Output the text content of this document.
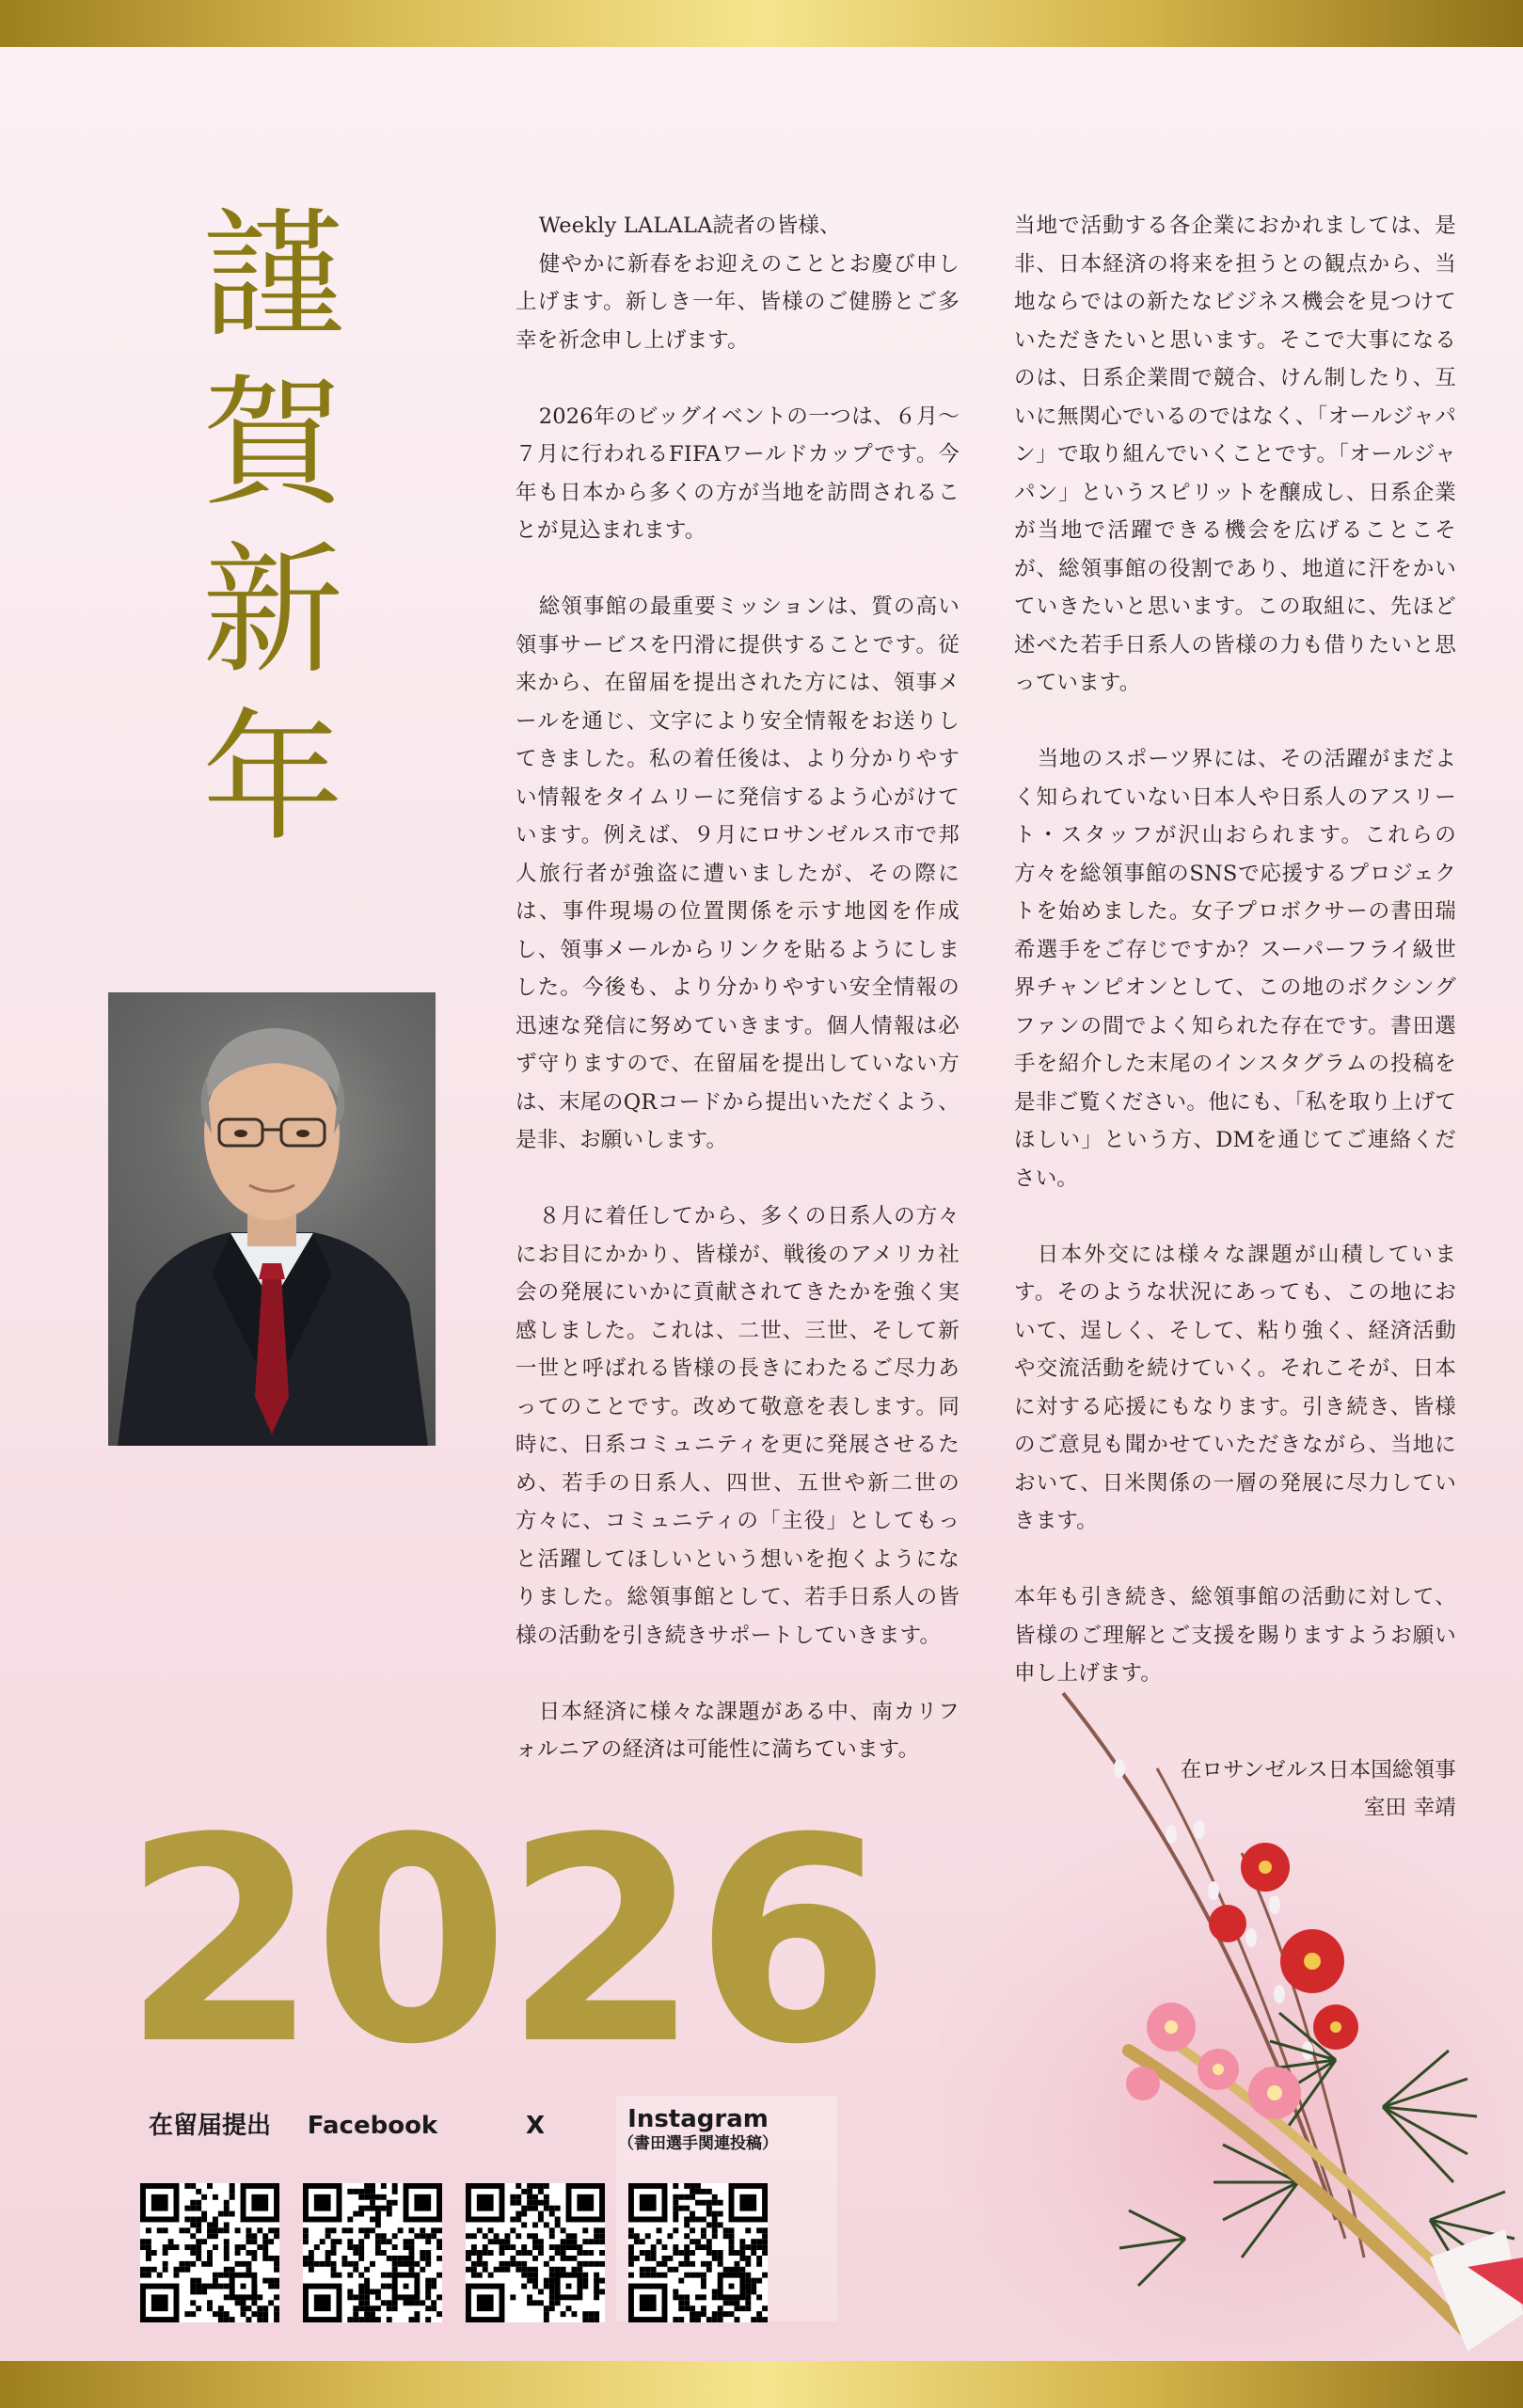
謹
賀
新
年

Weekly LALALA読者の皆様、

健やかに新春をお迎えのこととお慶び申し上げます。新しき一年、皆様のご健勝とご多幸を祈念申し上げます。

2026年のビッグイベントの一つは、６月～７月に行われるFIFAワールドカップです。今年も日本から多くの方が当地を訪問されることが見込まれます。

総領事館の最重要ミッションは、質の高い領事サービスを円滑に提供することです。従来から、在留届を提出された方には、領事メールを通じ、文字により安全情報をお送りしてきました。私の着任後は、より分かりやすい情報をタイムリーに発信するよう心がけています。例えば、９月にロサンゼルス市で邦人旅行者が強盗に遭いましたが、その際には、事件現場の位置関係を示す地図を作成し、領事メールからリンクを貼るようにしました。今後も、より分かりやすい安全情報の迅速な発信に努めていきます。個人情報は必ず守りますので、在留届を提出していない方は、末尾のQRコードから提出いただくよう、是非、お願いします。

８月に着任してから、多くの日系人の方々にお目にかかり、皆様が、戦後のアメリカ社会の発展にいかに貢献されてきたかを強く実感しました。これは、二世、三世、そして新一世と呼ばれる皆様の長きにわたるご尽力あってのことです。改めて敬意を表します。同時に、日系コミュニティを更に発展させるため、若手の日系人、四世、五世や新二世の方々に、コミュニティの「主役」としてもっと活躍してほしいという想いを抱くようになりました。総領事館として、若手日系人の皆様の活動を引き続きサポートしていきます。

日本経済に様々な課題がある中、南カリフォルニアの経済は可能性に満ちています。

当地で活動する各企業におかれましては、是非、日本経済の将来を担うとの観点から、当地ならではの新たなビジネス機会を見つけていただきたいと思います。そこで大事になるのは、日系企業間で競合、けん制したり、互いに無関心でいるのではなく、「オールジャパン」で取り組んでいくことです。「オールジャパン」というスピリットを醸成し、日系企業が当地で活躍できる機会を広げることこそが、総領事館の役割であり、地道に汗をかいていきたいと思います。この取組に、先ほど述べた若手日系人の皆様の力も借りたいと思っています。

当地のスポーツ界には、その活躍がまだよく知られていない日本人や日系人のアスリート・スタッフが沢山おられます。これらの方々を総領事館のSNSで応援するプロジェクトを始めました。女子プロボクサーの書田瑞希選手をご存じですか？スーパーフライ級世界チャンピオンとして、この地のボクシングファンの間でよく知られた存在です。書田選手を紹介した末尾のインスタグラムの投稿を是非ご覧ください。他にも、「私を取り上げてほしい」という方、DMを通じてご連絡ください。

日本外交には様々な課題が山積しています。そのような状況にあっても、この地において、逞しく、そして、粘り強く、経済活動や交流活動を続けていく。それこそが、日本に対する応援にもなります。引き続き、皆様のご意見も聞かせていただきながら、当地において、日米関係の一層の発展に尽力していきます。

本年も引き続き、総領事館の活動に対して、皆様のご理解とご支援を賜りますようお願い申し上げます。

在ロサンゼルス日本国総領事
室田 幸靖
2026
在留届提出	Facebook	X	Instagram
（書田選手関連投稿）
